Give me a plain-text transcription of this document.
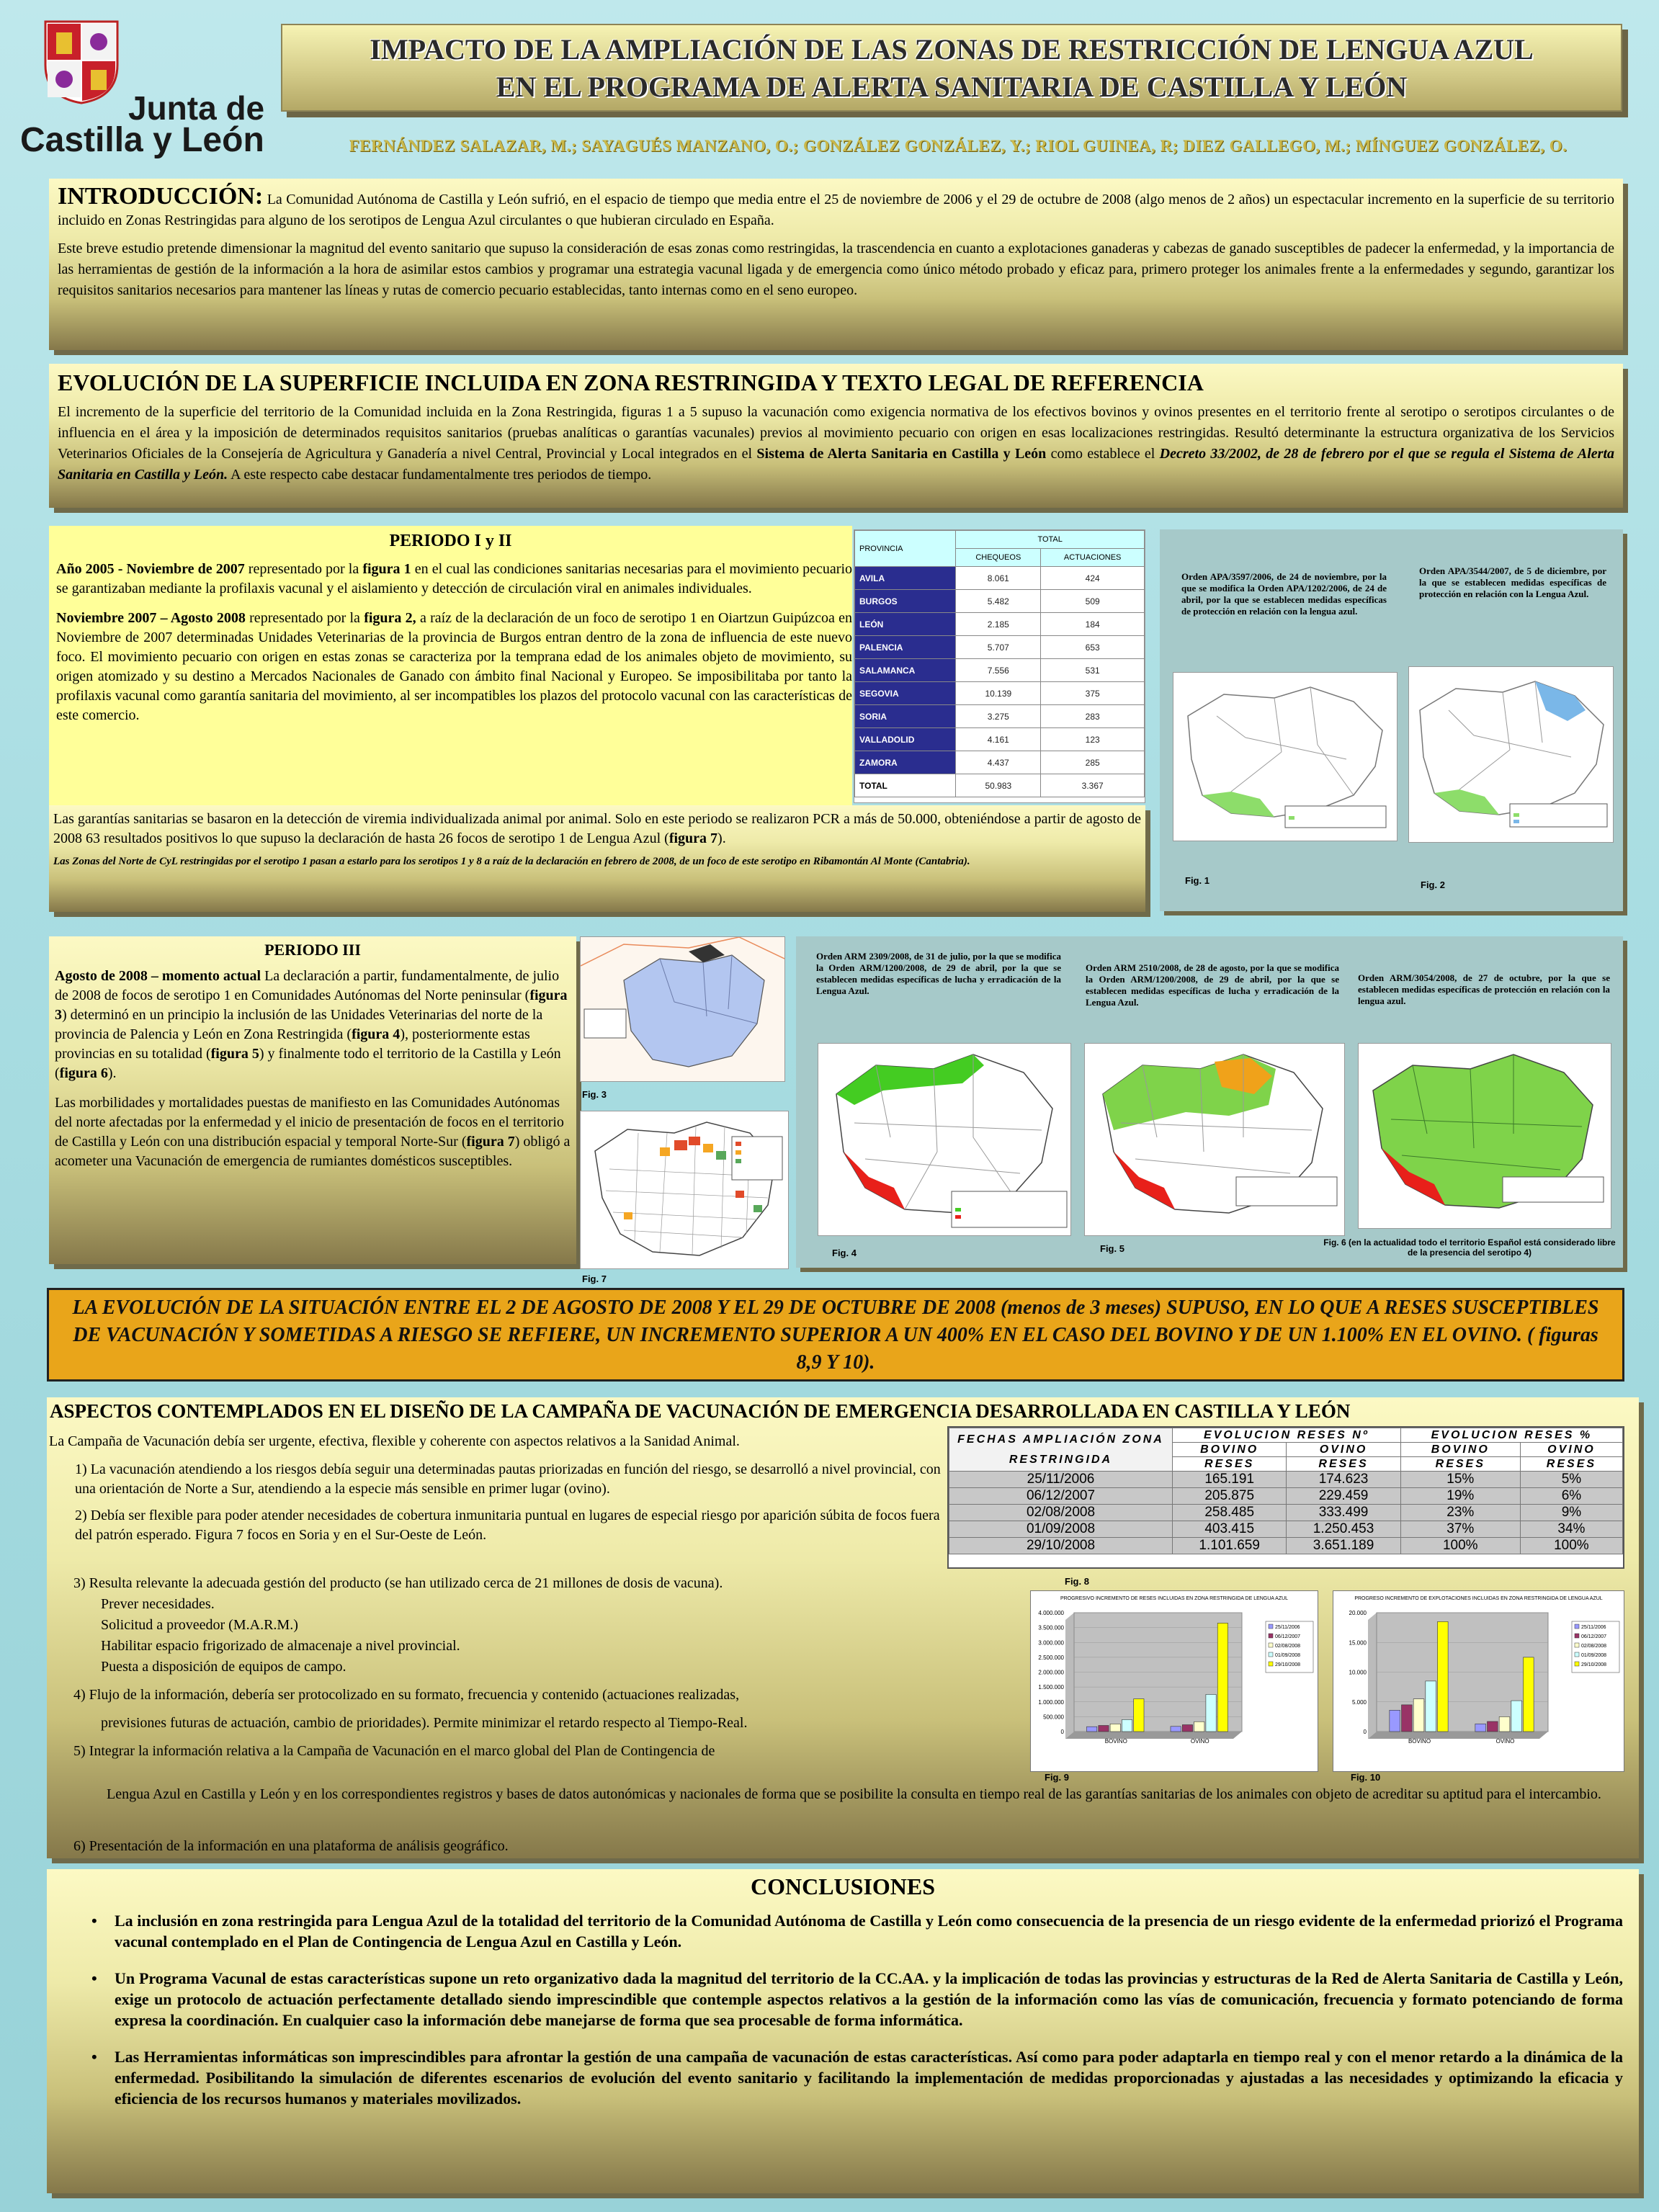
Junta de
Castilla y León
IMPACTO DE LA AMPLIACIÓN DE LAS ZONAS DE RESTRICCIÓN DE LENGUA AZUL
EN EL PROGRAMA DE ALERTA SANITARIA DE CASTILLA Y LEÓN
FERNÁNDEZ SALAZAR, M.; SAYAGUÉS MANZANO, O.; GONZÁLEZ GONZÁLEZ, Y.; RIOL GUINEA, R; DIEZ GALLEGO, M.; MÍNGUEZ GONZÁLEZ, O.

INTRODUCCIÓN: La Comunidad Autónoma de Castilla y León sufrió, en el espacio de tiempo que media entre el 25 de noviembre de 2006 y el 29 de octubre de 2008 (algo menos de 2 años) un espectacular incremento en la superficie de su territorio incluido en Zonas Restringidas para alguno de los serotipos de Lengua Azul circulantes o que hubieran circulado en España.

Este breve estudio pretende dimensionar la magnitud del evento sanitario que supuso la consideración de esas zonas como restringidas, la trascendencia en cuanto a explotaciones ganaderas y cabezas de ganado susceptibles de padecer la enfermedad, y la importancia de las herramientas de gestión de la información a la hora de asimilar estos cambios y programar una estrategia vacunal ligada y de emergencia como único método probado y eficaz para, primero proteger los animales frente a la enfermedades y segundo, garantizar los requisitos sanitarios necesarios para mantener las líneas y rutas de comercio pecuario establecidas, tanto internas como en el seno europeo.

EVOLUCIÓN DE LA SUPERFICIE INCLUIDA EN ZONA RESTRINGIDA Y TEXTO LEGAL DE REFERENCIA

El incremento de la superficie del territorio de la Comunidad incluida en la Zona Restringida, figuras 1 a 5 supuso la vacunación como exigencia normativa de los efectivos bovinos y ovinos presentes en el territorio frente al serotipo o serotipos circulantes o de influencia en el área y la imposición de determinados requisitos sanitarios (pruebas analíticas o garantías vacunales) previos al movimiento pecuario con origen en esas localizaciones restringidas. Resultó determinante la estructura organizativa de los Servicios Veterinarios Oficiales de la Consejería de Agricultura y Ganadería a nivel Central, Provincial y Local integrados en el Sistema de Alerta Sanitaria en Castilla y León como establece el Decreto 33/2002, de 28 de febrero por el que se regula el Sistema de Alerta Sanitaria en Castilla y León. A este respecto cabe destacar fundamentalmente tres periodos de tiempo.

PERIODO I y II

Año 2005 - Noviembre de 2007 representado por la figura 1 en el cual las condiciones sanitarias necesarias para el movimiento pecuario se garantizaban mediante la profilaxis vacunal y el aislamiento y detección de circulación viral en animales individuales.

Noviembre 2007 – Agosto 2008 representado por la figura 2, a raíz de la declaración de un foco de serotipo 1 en Oiartzun Guipúzcoa en Noviembre de 2007 determinadas Unidades Veterinarias de la provincia de Burgos entran dentro de la zona de influencia de este nuevo foco. El movimiento pecuario con origen en estas zonas se caracteriza por la temprana edad de los animales objeto de movimiento, su origen atomizado y su destino a Mercados Nacionales de Ganado con ámbito final Nacional y Europeo. Se imposibilitaba por tanto la profilaxis vacunal como garantía sanitaria del movimiento, al ser incompatibles los plazos del protocolo vacunal con las características de este comercio.

Las garantías sanitarias se basaron en la detección de viremia individualizada animal por animal. Solo en este periodo se realizaron PCR a más de 50.000, obteniéndose a partir de agosto de 2008 63 resultados positivos lo que supuso la declaración de hasta 26 focos de serotipo 1 de Lengua Azul (figura 7).

Las Zonas del Norte de CyL restringidas por el serotipo 1 pasan a estarlo para los serotipos 1 y 8 a raíz de la declaración en febrero de 2008, de un foco de este serotipo en Ribamontán Al Monte (Cantabria).

PROVINCIA	TOTAL	
	CHEQUEOS	ACTUACIONES
AVILA	8.061	424
BURGOS	5.482	509
LEÓN	2.185	184
PALENCIA	5.707	653
SALAMANCA	7.556	531
SEGOVIA	10.139	375
SORIA	3.275	283
VALLADOLID	4.161	123
ZAMORA	4.437	285
TOTAL	50.983	3.367
Orden APA/3597/2006, de 24 de noviembre, por la que se modifica la Orden APA/1202/2006, de 24 de abril, por la que se establecen medidas específicas de protección en relación con la lengua azul.
Orden APA/3544/2007, de 5 de diciembre, por la que se establecen medidas específicas de protección en relación con la Lengua Azul.
Fig. 1	Fig. 2
PERIODO III

Agosto de 2008 – momento actual La declaración a partir, fundamentalmente, de julio de 2008 de focos de serotipo 1 en Comunidades Autónomas del Norte peninsular (figura 3) determinó en un principio la inclusión de las Unidades Veterinarias del norte de la provincia de Palencia y León en Zona Restringida (figura 4), posteriormente estas provincias en su totalidad (figura 5) y finalmente todo el territorio de la Castilla y León (figura 6).

Las morbilidades y mortalidades puestas de manifiesto en las Comunidades Autónomas del norte afectadas por la enfermedad y el inicio de presentación de focos en el territorio de Castilla y León con una distribución espacial y temporal Norte-Sur (figura 7) obligó a acometer una Vacunación de emergencia de rumiantes domésticos susceptibles.

Fig. 3
Fig. 7
Orden ARM 2309/2008, de 31 de julio, por la que se modifica la Orden ARM/1200/2008, de 29 de abril, por la que se establecen medidas específicas de lucha y erradicación de la Lengua Azul.
Orden ARM 2510/2008, de 28 de agosto, por la que se modifica la Orden ARM/1200/2008, de 29 de abril, por la que se establecen medidas específicas de lucha y erradicación de la Lengua Azul.
Orden ARM/3054/2008, de 27 de octubre, por la que se establecen medidas específicas de protección en relación con la lengua azul.
Fig. 4	Fig. 5
Fig. 6 (en la actualidad todo el territorio Español está considerado libre de la presencia del serotipo 4)
LA EVOLUCIÓN DE LA SITUACIÓN ENTRE EL 2 DE AGOSTO DE 2008 Y EL 29 DE OCTUBRE DE 2008 (menos de 3 meses) SUPUSO, EN LO QUE A RESES SUSCEPTIBLES DE VACUNACIÓN Y SOMETIDAS A RIESGO SE REFIERE, UN INCREMENTO SUPERIOR A UN 400% EN EL CASO DEL BOVINO Y DE UN 1.100% EN EL OVINO. ( figuras 8,9 Y 10).
ASPECTOS CONTEMPLADOS EN EL DISEÑO DE LA CAMPAÑA DE VACUNACIÓN DE EMERGENCIA DESARROLLADA EN CASTILLA Y LEÓN
La Campaña de Vacunación debía ser urgente, efectiva, flexible y coherente con aspectos relativos a la Sanidad Animal.
1) La vacunación atendiendo a los riesgos debía seguir una determinadas pautas priorizadas en función del riesgo, se desarrolló a nivel provincial, con una orientación de Norte a Sur, atendiendo a la especie más sensible en primer lugar (ovino).
2) Debía ser flexible para poder atender necesidades de cobertura inmunitaria puntual en lugares de especial riesgo por aparición súbita de focos fuera del patrón esperado. Figura 7 focos en Soria y en el Sur-Oeste de León.
3) Resulta relevante la adecuada gestión del producto (se han utilizado cerca de 21 millones de dosis de vacuna).
Prever necesidades.
Solicitud a proveedor (M.A.R.M.)
Habilitar espacio frigorizado de almacenaje a nivel provincial.
Puesta a disposición de equipos de campo.
4) Flujo de la información, debería ser protocolizado en su formato, frecuencia y contenido (actuaciones realizadas,
previsiones futuras de actuación, cambio de prioridades). Permite minimizar el retardo respecto al Tiempo-Real.
5) Integrar la información relativa a la Campaña de Vacunación en el marco global del Plan de Contingencia de
Lengua Azul en Castilla y León y en los correspondientes registros y bases de datos autonómicas y nacionales de forma que se posibilite la consulta en tiempo real de las garantías sanitarias de los animales con objeto de acreditar su aptitud para el intercambio.
6) Presentación de la información en una plataforma de análisis geográfico.
FECHAS AMPLIACIÓN ZONA RESTRINGIDA	EVOLUCION RESES Nº		EVOLUCION RESES %	
	BOVINO	OVINO	BOVINO	OVINO
	RESES	RESES	RESES	RESES
25/11/2006	165.191	174.623	15%	5%
06/12/2007	205.875	229.459	19%	6%
02/08/2008	258.485	333.499	23%	9%
01/09/2008	403.415	1.250.453	37%	34%
29/10/2008	1.101.659	3.651.189	100%	100%
Fig. 8
PROGRESIVO INCREMENTO DE RESES INCLUIDAS EN ZONA RESTRINGIDA DE LENGUA AZUL
4.000.000
3.500.000
3.000.000
2.500.000
2.000.000
1.500.000
1.000.000
500.000
0
BOVINO	OVINO
25/11/2006
06/12/2007
02/08/2008
01/09/2008
29/10/2008
PROGRESO INCREMENTO DE EXPLOTACIONES INCLUIDAS EN ZONA RESTRINGIDA DE LENGUA AZUL
20.000
15.000
10.000
5.000
0
BOVINO	OVINO
25/11/2006
06/12/2007
02/08/2008
01/09/2008
29/10/2008
Fig. 9	Fig. 10
CONCLUSIONES
• La inclusión en zona restringida para Lengua Azul de la totalidad del territorio de la Comunidad Autónoma de Castilla y León como consecuencia de la presencia de un riesgo evidente de la enfermedad priorizó el Programa vacunal contemplado en el Plan de Contingencia de Lengua Azul en Castilla y León.
• Un Programa Vacunal de estas características supone un reto organizativo dada la magnitud del territorio de la CC.AA. y la implicación de todas las provincias y estructuras de la Red de Alerta Sanitaria de Castilla y León, exige un protocolo de actuación perfectamente detallado siendo imprescindible que contemple aspectos relativos a la gestión de la información como las vías de comunicación, frecuencia y formato potenciando de forma expresa la coordinación. En cualquier caso la información debe manejarse de forma que sea procesable de forma informática.
• Las Herramientas informáticas son imprescindibles para afrontar la gestión de una campaña de vacunación de estas características. Así como para poder adaptarla en tiempo real y con el menor retardo a la dinámica de la enfermedad. Posibilitando la simulación de diferentes escenarios de evolución del evento sanitario y facilitando la implementación de medidas proporcionadas y ajustadas a las necesidades y optimizando la eficacia y eficiencia de los recursos humanos y materiales movilizados.
